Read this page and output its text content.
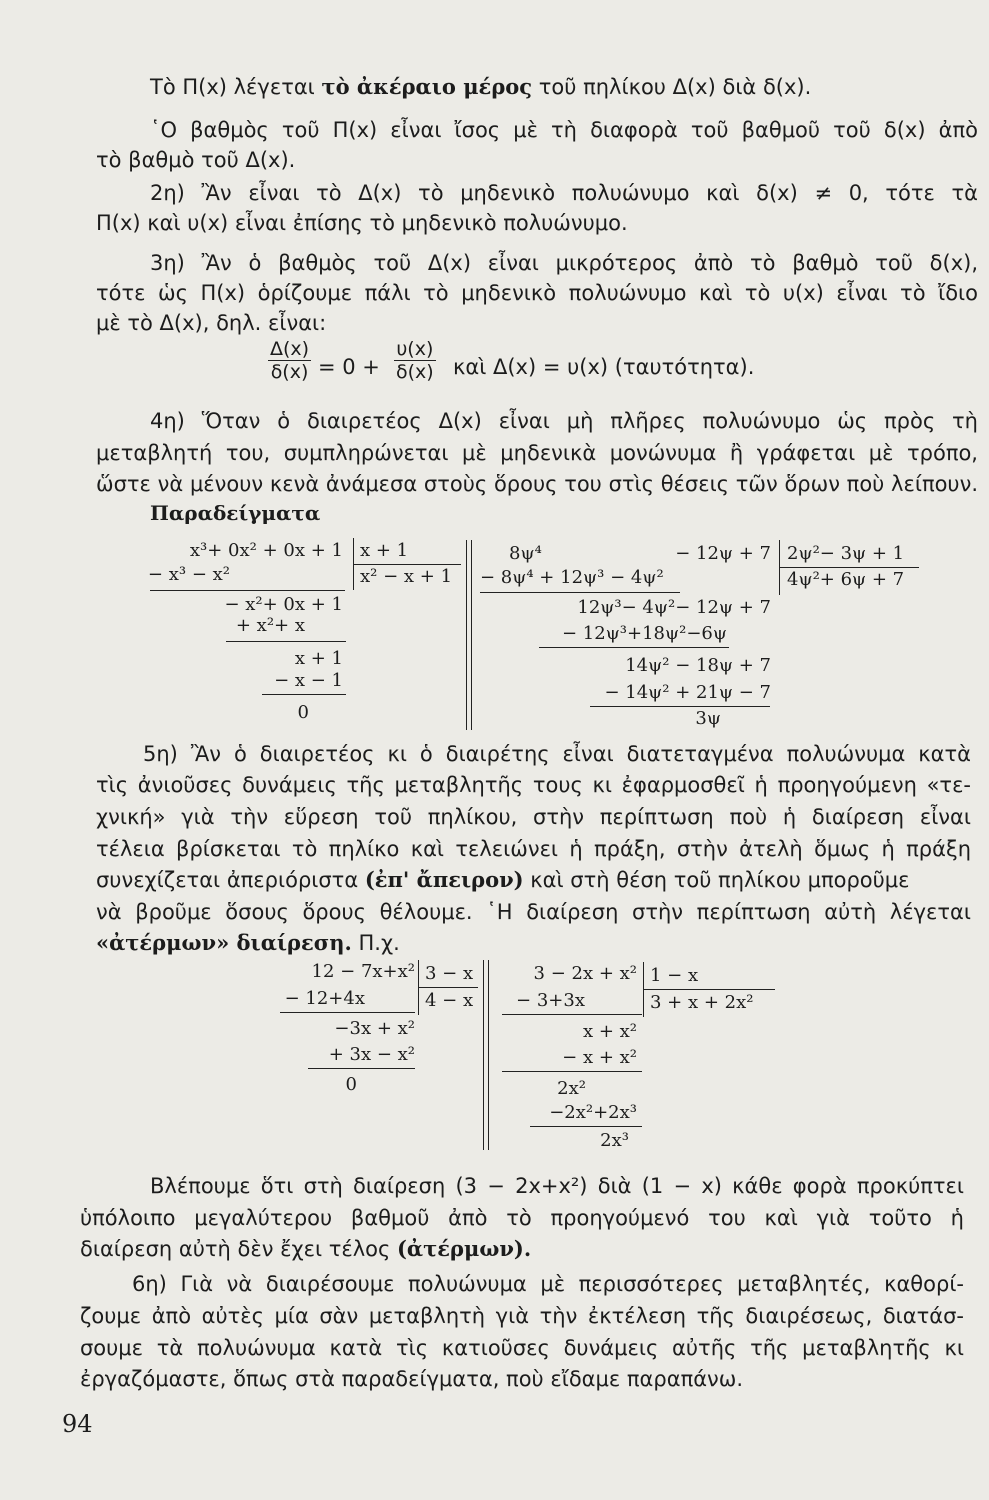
Τὸ Π(x) λέγεται τὸ ἀκέραιο μέρος τοῦ πηλίκου Δ(x) διὰ δ(x).
῾Ο βαθμὸς τοῦ Π(x) εἶναι ἴσος μὲ τὴ διαφορὰ τοῦ βαθμοῦ τοῦ δ(x) ἀπὸ
τὸ βαθμὸ τοῦ Δ(x).
2η) Ἂν εἶναι τὸ Δ(x) τὸ μηδενικὸ πολυώνυμο καὶ δ(x) ≠ 0, τότε τὰ
Π(x) καὶ υ(x) εἶναι ἐπίσης τὸ μηδενικὸ πολυώνυμο.
3η) Ἂν ὁ βαθμὸς τοῦ Δ(x) εἶναι μικρότερος ἀπὸ τὸ βαθμὸ τοῦ δ(x),
τότε ὡς Π(x) ὁρίζουμε πάλι τὸ μηδενικὸ πολυώνυμο καὶ τὸ υ(x) εἶναι τὸ ἴδιο
μὲ τὸ Δ(x), δηλ. εἶναι:
$\frac{\Delta(x)}{\delta(x)} = 0 + \frac{\upsilon(x)}{\delta(x)}$ καὶ Δ(x) = υ(x) (ταυτότητα).
4η) Ὅταν ὁ διαιρετέος Δ(x) εἶναι μὴ πλῆρες πολυώνυμο ὡς πρὸς τὴ
μεταβλητή του, συμπληρώνεται μὲ μηδενικὰ μονώνυμα ἢ γράφεται μὲ τρόπο,
ὥστε νὰ μένουν κενὰ ἀνάμεσα στοὺς ὅρους του στὶς θέσεις τῶν ὅρων ποὺ λείπουν.
Παραδείγματα
x³+ 0x² + 0x + 1
− x³ − x²
− x²+ 0x + 1
+ x²+ x
x + 1
− x − 1
0
x + 1
x² − x + 1
8ψ⁴	− 12ψ + 7
− 8ψ⁴ + 12ψ³ − 4ψ²
12ψ³− 4ψ²− 12ψ + 7
− 12ψ³+18ψ²−6ψ
14ψ² − 18ψ + 7
− 14ψ² + 21ψ − 7
3ψ
2ψ²− 3ψ + 1
4ψ²+ 6ψ + 7
5η) Ἂν ὁ διαιρετέος κι ὁ διαιρέτης εἶναι διατεταγμένα πολυώνυμα κατὰ
τὶς ἀνιοῦσες δυνάμεις τῆς μεταβλητῆς τους κι ἐφαρμοσθεῖ ἡ προηγούμενη «τε-
χνική» γιὰ τὴν εὕρεση τοῦ πηλίκου, στὴν περίπτωση ποὺ ἡ διαίρεση εἶναι
τέλεια βρίσκεται τὸ πηλίκο καὶ τελειώνει ἡ πράξη, στὴν ἀτελὴ ὅμως ἡ πράξη
συνεχίζεται ἀπεριόριστα (ἐπ' ἄπειρον) καὶ στὴ θέση τοῦ πηλίκου μποροῦμε
νὰ βροῦμε ὅσους ὅρους θέλουμε. ῾Η διαίρεση στὴν περίπτωση αὐτὴ λέγεται
«ἀτέρμων» διαίρεση. Π.χ.
12 − 7x+x²
− 12+4x
−3x + x²
+ 3x − x²
0
3 − x
4 − x
3 − 2x + x²
− 3+3x
x + x²
− x + x²
2x²
−2x²+2x³
2x³
1 − x
3 + x + 2x²
Βλέπουμε ὅτι στὴ διαίρεση (3 − 2x+x²) διὰ (1 − x) κάθε φορὰ προκύπτει
ὑπόλοιπο μεγαλύτερου βαθμοῦ ἀπὸ τὸ προηγούμενό του καὶ γιὰ τοῦτο ἡ
διαίρεση αὐτὴ δὲν ἔχει τέλος (ἀτέρμων).
6η) Γιὰ νὰ διαιρέσουμε πολυώνυμα μὲ περισσότερες μεταβλητές, καθορί-
ζουμε ἀπὸ αὐτὲς μία σὰν μεταβλητὴ γιὰ τὴν ἐκτέλεση τῆς διαιρέσεως, διατάσ-
σουμε τὰ πολυώνυμα κατὰ τὶς κατιοῦσες δυνάμεις αὐτῆς τῆς μεταβλητῆς κι
ἐργαζόμαστε, ὅπως στὰ παραδείγματα, ποὺ εἴδαμε παραπάνω.
94
